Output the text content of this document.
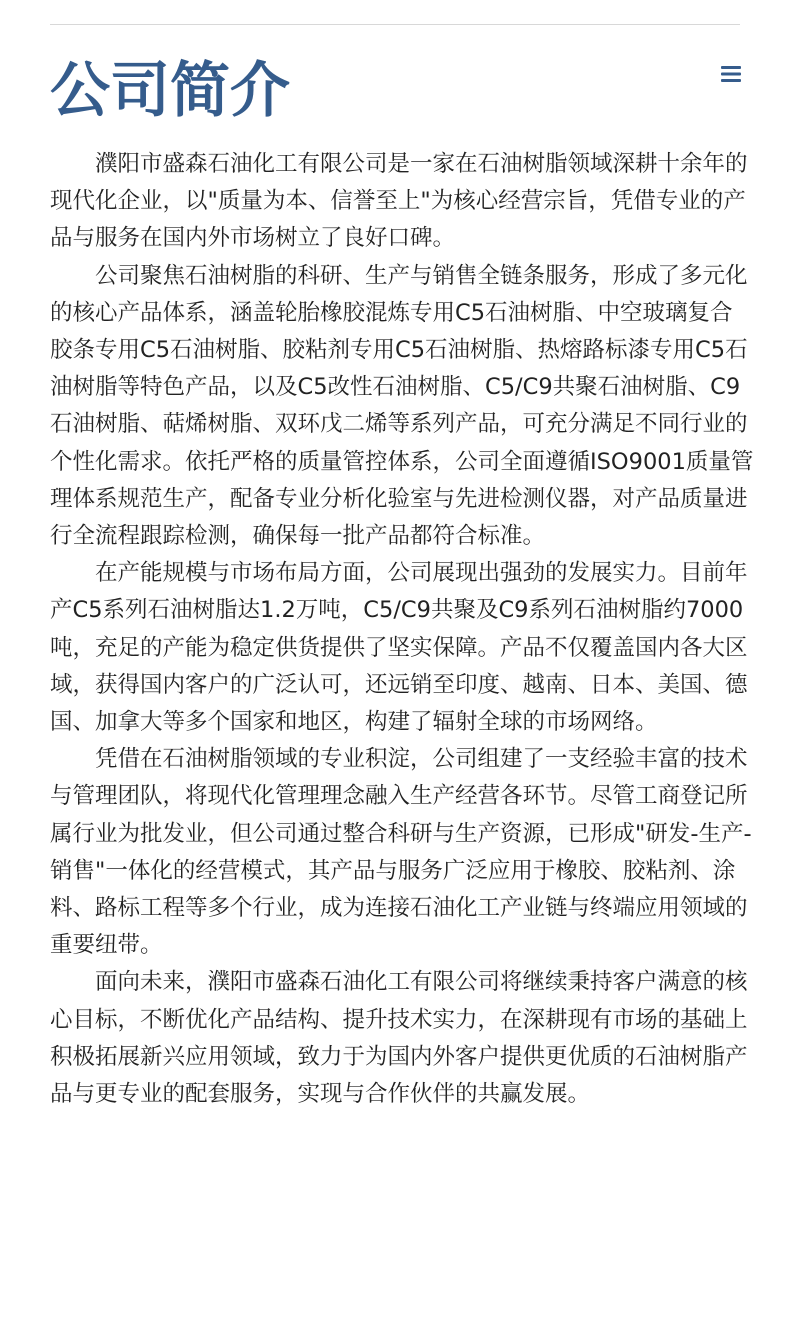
公司简介

濮阳市盛森石油化工有限公司是一家在石油树脂领域深耕十余年的现代化企业，以"质量为本、信誉至上"为核心经营宗旨，凭借专业的产品与服务在国内外市场树立了良好口碑。

公司聚焦石油树脂的科研、生产与销售全链条服务，形成了多元化的核心产品体系，涵盖轮胎橡胶混炼专用C5石油树脂、中空玻璃复合胶条专用C5石油树脂、胶粘剂专用C5石油树脂、热熔路标漆专用C5石油树脂等特色产品，以及C5改性石油树脂、C5/C9共聚石油树脂、C9石油树脂、萜烯树脂、双环戊二烯等系列产品，可充分满足不同行业的个性化需求。依托严格的质量管控体系，公司全面遵循ISO9001质量管理体系规范生产，配备专业分析化验室与先进检测仪器，对产品质量进行全流程跟踪检测，确保每一批产品都符合标准。

在产能规模与市场布局方面，公司展现出强劲的发展实力。目前年产C5系列石油树脂达1.2万吨，C5/C9共聚及C9系列石油树脂约7000吨，充足的产能为稳定供货提供了坚实保障。产品不仅覆盖国内各大区域，获得国内客户的广泛认可，还远销至印度、越南、日本、美国、德国、加拿大等多个国家和地区，构建了辐射全球的市场网络。

凭借在石油树脂领域的专业积淀，公司组建了一支经验丰富的技术与管理团队，将现代化管理理念融入生产经营各环节。尽管工商登记所属行业为批发业，但公司通过整合科研与生产资源，已形成"研发-生产-销售"一体化的经营模式，其产品与服务广泛应用于橡胶、胶粘剂、涂料、路标工程等多个行业，成为连接石油化工产业链与终端应用领域的重要纽带。

面向未来，濮阳市盛森石油化工有限公司将继续秉持客户满意的核心目标，不断优化产品结构、提升技术实力，在深耕现有市场的基础上积极拓展新兴应用领域，致力于为国内外客户提供更优质的石油树脂产品与更专业的配套服务，实现与合作伙伴的共赢发展。
